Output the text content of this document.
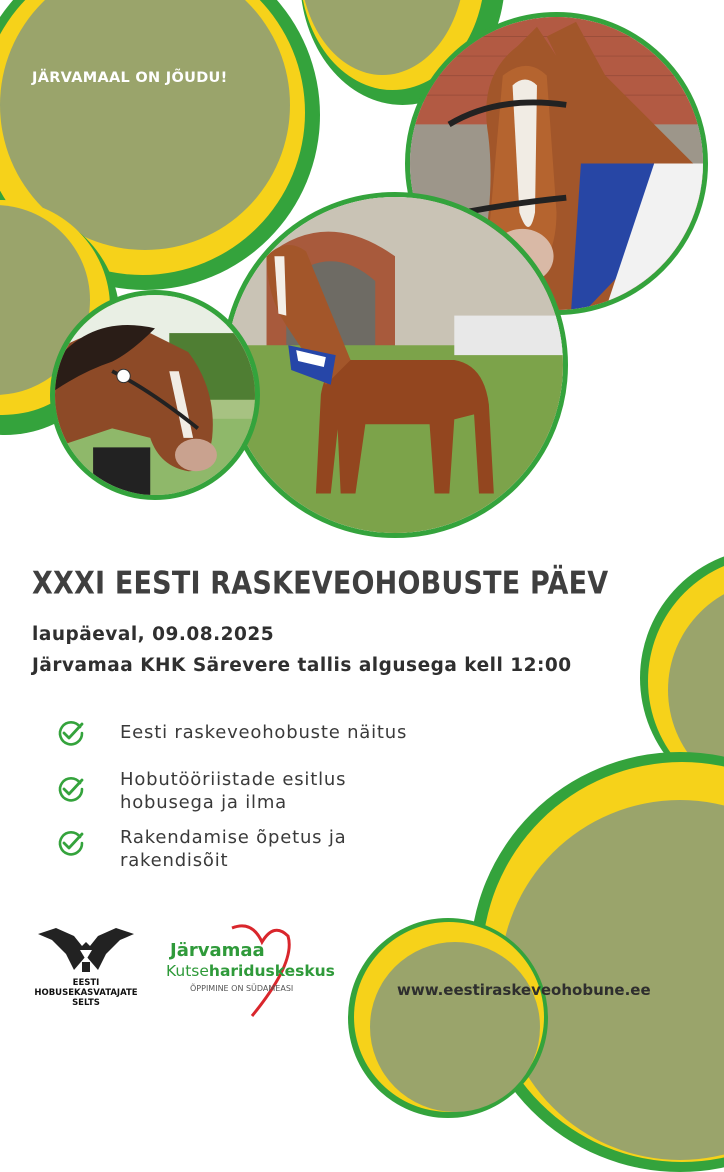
JÄRVAMAAL ON JÕUDU!
XXXI EESTI RASKEVEOHOBUSTE PÄEV
laupäeval, 09.08.2025
Järvamaa KHK Särevere tallis algusega kell 12:00
Eesti raskeveohobuste näitus
Hobutööriistade esitlus
hobusega ja ilma
Rakendamise õpetus ja
rakendisõit
EESTI
HOBUSEKASVATAJATE
SELTS
Järvamaa
Kutsehariduskeskus
ÕPPIMINE ON SÜDAMEASI	www.eestiraskeveohobune.ee
